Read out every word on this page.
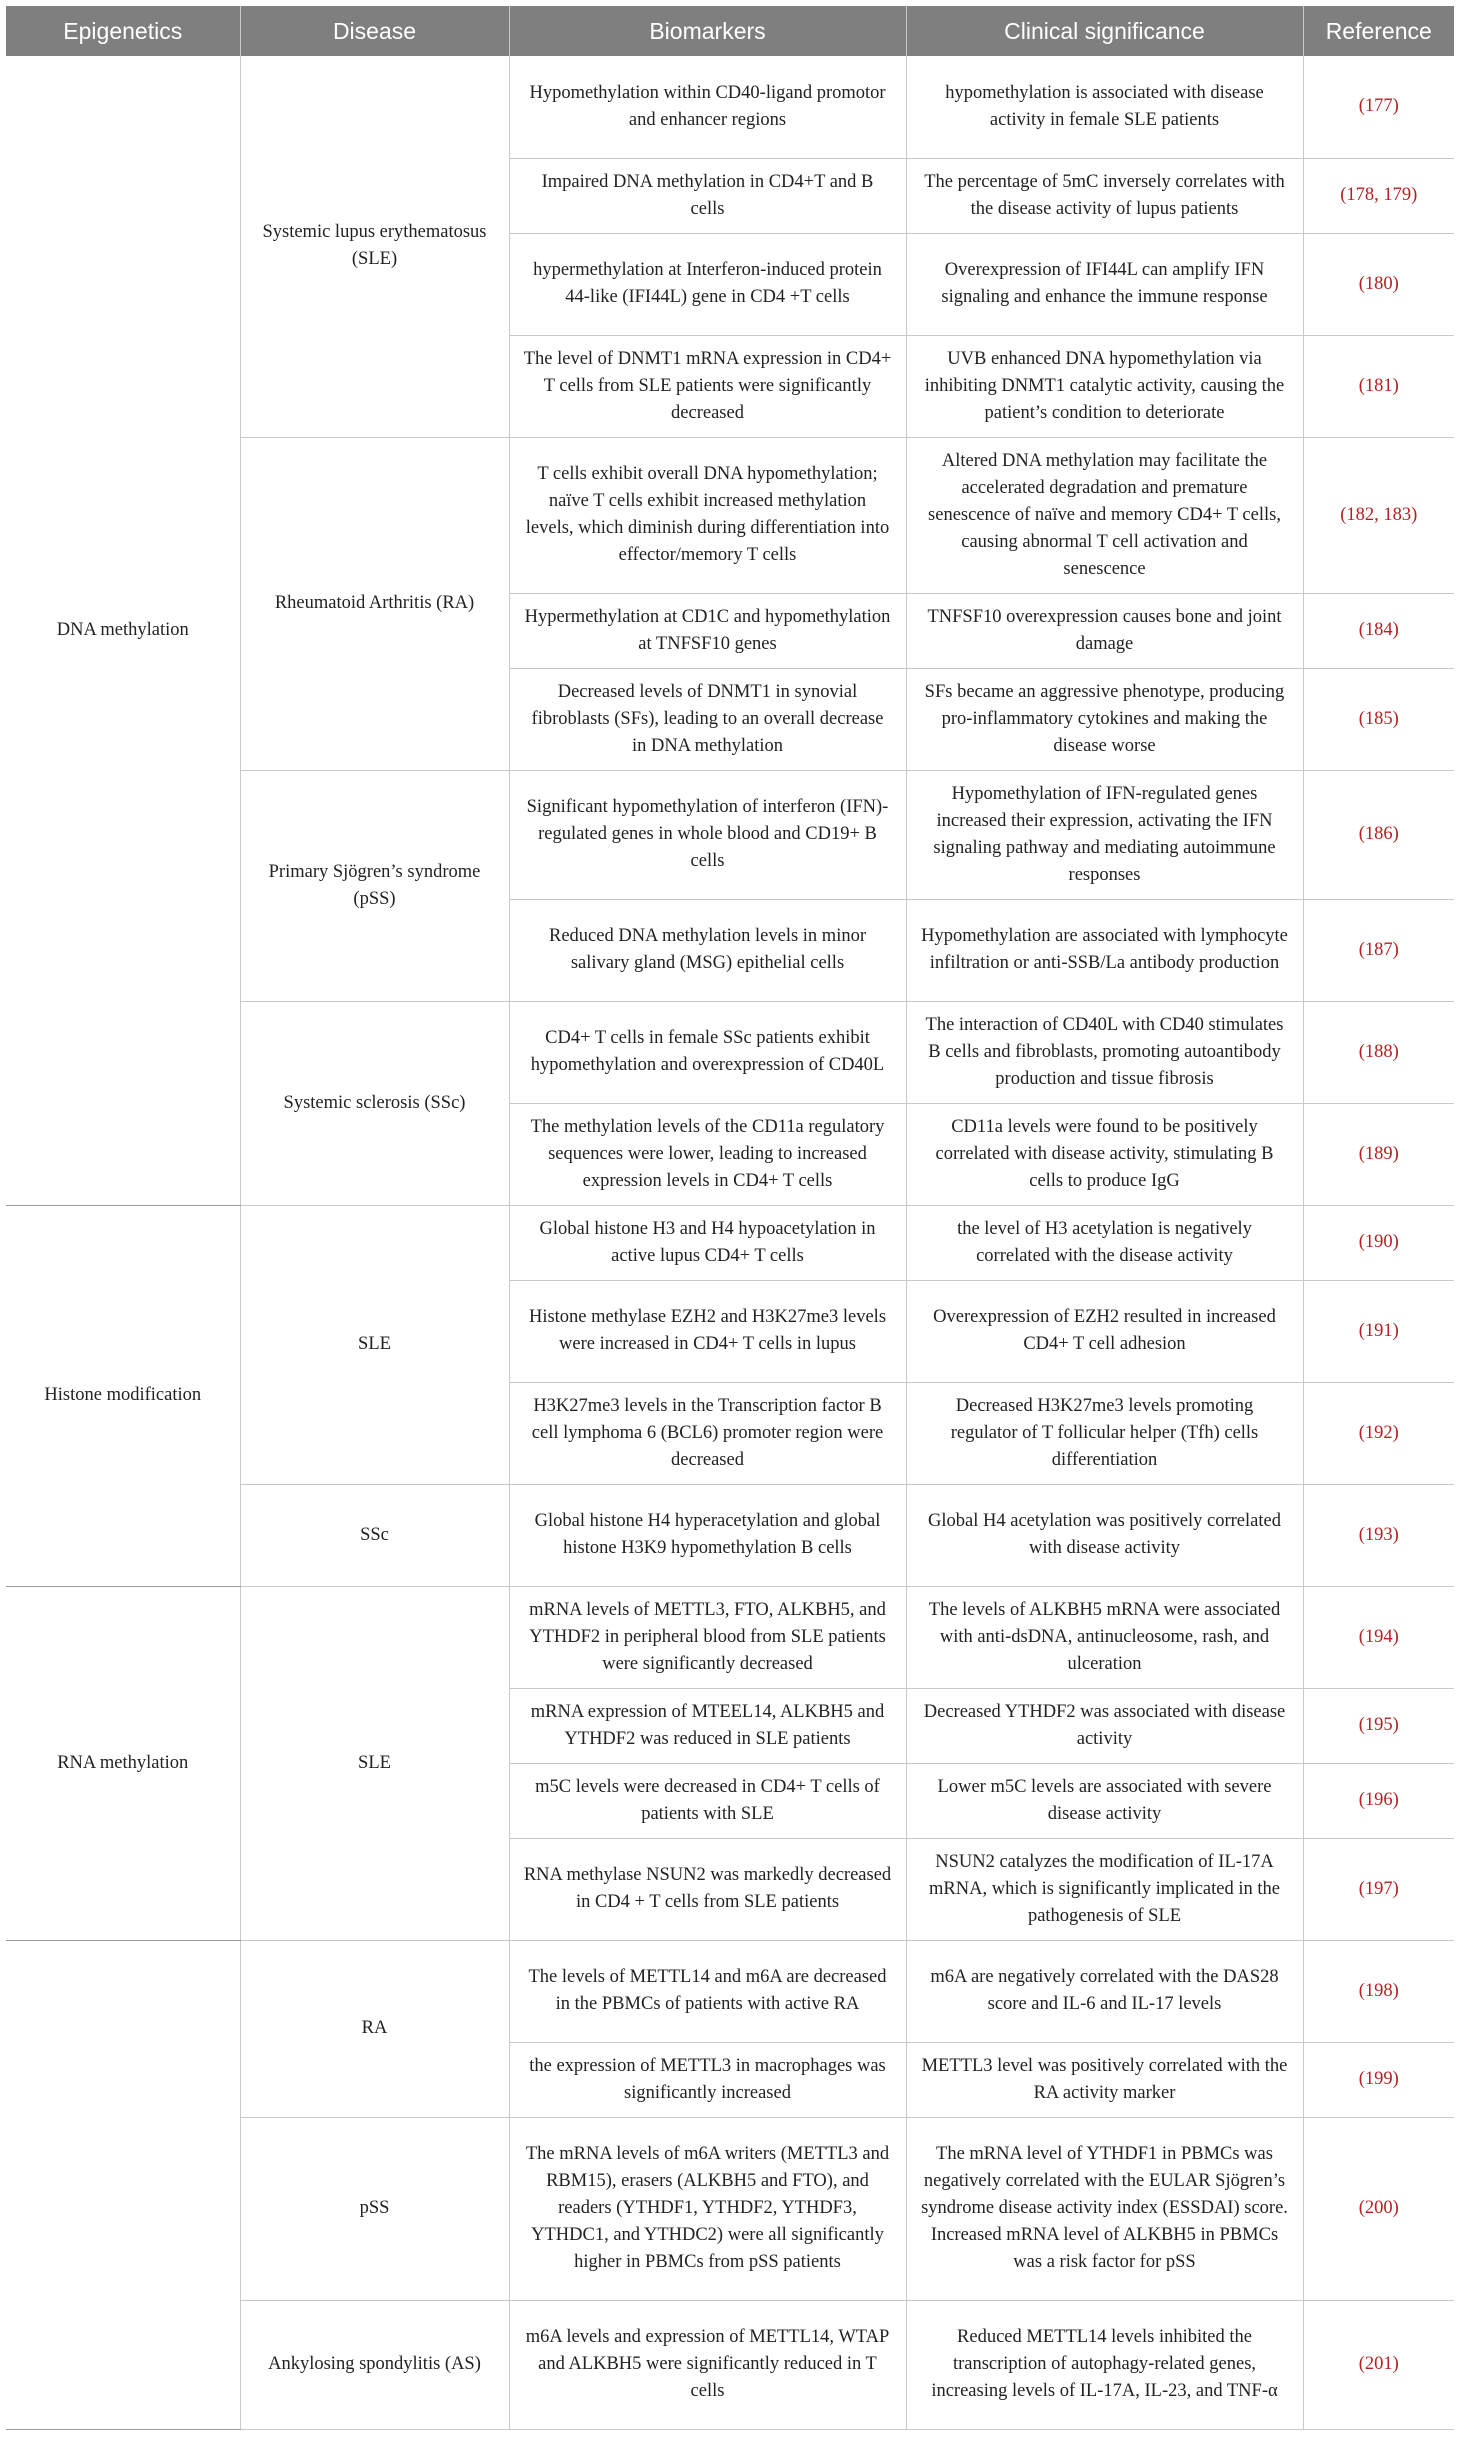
Epigenetics	Disease	Biomarkers	Clinical significance	Reference
DNA methylation	Systemic lupus erythematosus (SLE)	Hypomethylation within CD40-ligand promotor and enhancer regions	hypomethylation is associated with disease activity in female SLE patients	(177)
		Impaired DNA methylation in CD4+T and B cells	The percentage of 5mC inversely correlates with the disease activity of lupus patients	(178, 179)
		hypermethylation at Interferon-induced protein 44-like (IFI44L) gene in CD4 +T cells	Overexpression of IFI44L can amplify IFN signaling and enhance the immune response	(180)
		The level of DNMT1 mRNA expression in CD4+ T cells from SLE patients were significantly decreased	UVB enhanced DNA hypomethylation via inhibiting DNMT1 catalytic activity, causing the patient’s condition to deteriorate	(181)
	Rheumatoid Arthritis (RA)	T cells exhibit overall DNA hypomethylation; naïve T cells exhibit increased methylation levels, which diminish during differentiation into effector/memory T cells	Altered DNA methylation may facilitate the accelerated degradation and premature senescence of naïve and memory CD4+ T cells, causing abnormal T cell activation and senescence	(182, 183)
		Hypermethylation at CD1C and hypomethylation at TNFSF10 genes	TNFSF10 overexpression causes bone and joint damage	(184)
		Decreased levels of DNMT1 in synovial fibroblasts (SFs), leading to an overall decrease in DNA methylation	SFs became an aggressive phenotype, producing pro-inflammatory cytokines and making the disease worse	(185)
	Primary Sjögren’s syndrome (pSS)	Significant hypomethylation of interferon (IFN)-regulated genes in whole blood and CD19+ B cells	Hypomethylation of IFN-regulated genes increased their expression, activating the IFN signaling pathway and mediating autoimmune responses	(186)
		Reduced DNA methylation levels in minor salivary gland (MSG) epithelial cells	Hypomethylation are associated with lymphocyte infiltration or anti-SSB/La antibody production	(187)
	Systemic sclerosis (SSc)	CD4+ T cells in female SSc patients exhibit hypomethylation and overexpression of CD40L	The interaction of CD40L with CD40 stimulates B cells and fibroblasts, promoting autoantibody production and tissue fibrosis	(188)
		The methylation levels of the CD11a regulatory sequences were lower, leading to increased expression levels in CD4+ T cells	CD11a levels were found to be positively correlated with disease activity, stimulating B cells to produce IgG	(189)
Histone modification	SLE	Global histone H3 and H4 hypoacetylation in active lupus CD4+ T cells	the level of H3 acetylation is negatively correlated with the disease activity	(190)
		Histone methylase EZH2 and H3K27me3 levels were increased in CD4+ T cells in lupus	Overexpression of EZH2 resulted in increased CD4+ T cell adhesion	(191)
		H3K27me3 levels in the Transcription factor B cell lymphoma 6 (BCL6) promoter region were decreased	Decreased H3K27me3 levels promoting regulator of T follicular helper (Tfh) cells differentiation	(192)
	SSc	Global histone H4 hyperacetylation and global histone H3K9 hypomethylation B cells	Global H4 acetylation was positively correlated with disease activity	(193)
RNA methylation	SLE	mRNA levels of METTL3, FTO, ALKBH5, and YTHDF2 in peripheral blood from SLE patients were significantly decreased	The levels of ALKBH5 mRNA were associated with anti-dsDNA, antinucleosome, rash, and ulceration	(194)
		mRNA expression of MTEEL14, ALKBH5 and YTHDF2 was reduced in SLE patients	Decreased YTHDF2 was associated with disease activity	(195)
		m5C levels were decreased in CD4+ T cells of patients with SLE	Lower m5C levels are associated with severe disease activity	(196)
		RNA methylase NSUN2 was markedly decreased in CD4 + T cells from SLE patients	NSUN2 catalyzes the modification of IL-17A mRNA, which is significantly implicated in the pathogenesis of SLE	(197)
	RA	The levels of METTL14 and m6A are decreased in the PBMCs of patients with active RA	m6A are negatively correlated with the DAS28 score and IL-6 and IL-17 levels	(198)
		the expression of METTL3 in macrophages was significantly increased	METTL3 level was positively correlated with the RA activity marker	(199)
	pSS	The mRNA levels of m6A writers (METTL3 and RBM15), erasers (ALKBH5 and FTO), and readers (YTHDF1, YTHDF2, YTHDF3, YTHDC1, and YTHDC2) were all significantly higher in PBMCs from pSS patients	The mRNA level of YTHDF1 in PBMCs was negatively correlated with the EULAR Sjögren’s syndrome disease activity index (ESSDAI) score. Increased mRNA level of ALKBH5 in PBMCs was a risk factor for pSS	(200)
	Ankylosing spondylitis (AS)	m6A levels and expression of METTL14, WTAP and ALKBH5 were significantly reduced in T cells	Reduced METTL14 levels inhibited the transcription of autophagy-related genes, increasing levels of IL-17A, IL-23, and TNF-α	(201)
